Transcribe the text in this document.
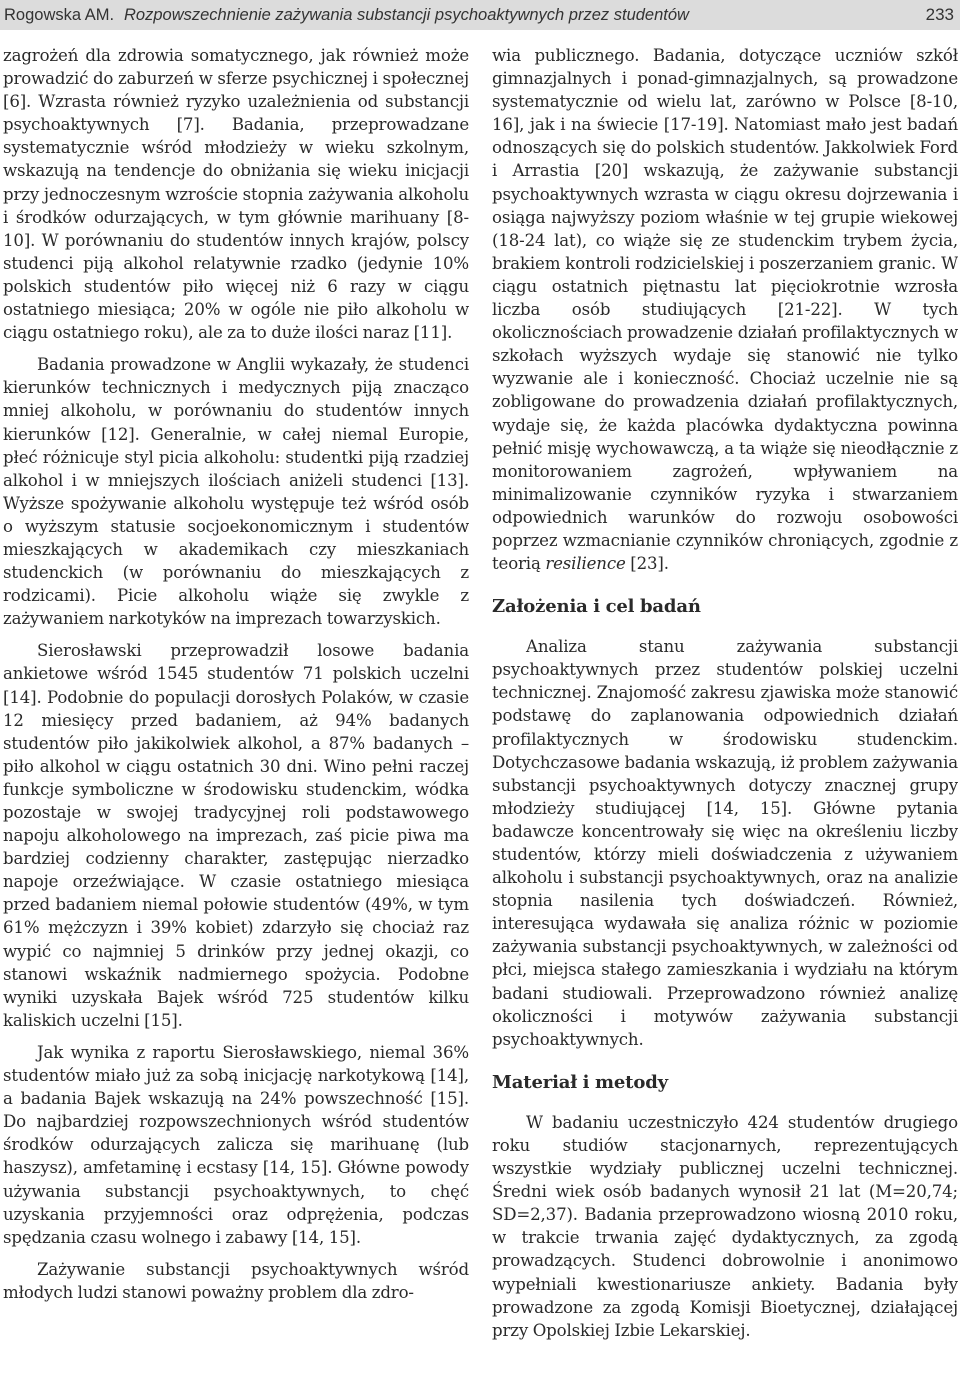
Rogowska AM. Rozpowszechnienie zażywania substancji psychoaktywnych przez studentów	233

zagrożeń dla zdrowia somatycznego, jak również może prowadzić do zaburzeń w sferze psychicznej i społecznej [6]. Wzrasta również ryzyko uzależnienia od substancji psychoaktywnych [7]. Badania, przeprowadzane systematycznie wśród młodzieży w wieku szkolnym, wskazują na tendencje do obniżania się wieku inicjacji przy jednoczesnym wzroście stopnia zażywania alkoholu i środków odurzających, w tym głównie marihuany [8-10]. W porównaniu do studentów innych krajów, polscy studenci piją alkohol relatywnie rzadko (jedynie 10% polskich studentów piło więcej niż 6 razy w ciągu ostatniego miesiąca; 20% w ogóle nie piło alkoholu w ciągu ostatniego roku), ale za to duże ilości naraz [11].

Badania prowadzone w Anglii wykazały, że studenci kierunków technicznych i medycznych piją znacząco mniej alkoholu, w porównaniu do studentów innych kierunków [12]. Generalnie, w całej niemal Europie, płeć różnicuje styl picia alkoholu: studentki piją rzadziej alkohol i w mniejszych ilościach aniżeli studenci [13]. Wyższe spożywanie alkoholu występuje też wśród osób o wyższym statusie socjoekonomicznym i studentów mieszkających w akademikach czy mieszkaniach studenckich (w porównaniu do mieszkających z rodzicami). Picie alkoholu wiąże się zwykle z zażywaniem narkotyków na imprezach towarzyskich.

Sierosławski przeprowadził losowe badania ankietowe wśród 1545 studentów 71 polskich uczelni [14]. Podobnie do populacji dorosłych Polaków, w czasie 12 miesięcy przed badaniem, aż 94% badanych studentów piło jakikolwiek alkohol, a 87% badanych – piło alkohol w ciągu ostatnich 30 dni. Wino pełni raczej funkcje symboliczne w środowisku studenckim, wódka pozostaje w swojej tradycyjnej roli podstawowego napoju alkoholowego na imprezach, zaś picie piwa ma bardziej codzienny charakter, zastępując nierzadko napoje orzeźwiające. W czasie ostatniego miesiąca przed badaniem niemal połowie studentów (49%, w tym 61% mężczyzn i 39% kobiet) zdarzyło się chociaż raz wypić co najmniej 5 drinków przy jednej okazji, co stanowi wskaźnik nadmiernego spożycia. Podobne wyniki uzyskała Bajek wśród 725 studentów kilku kaliskich uczelni [15].

Jak wynika z raportu Sierosławskiego, niemal 36% studentów miało już za sobą inicjację narkotykową [14], a badania Bajek wskazują na 24% powszechność [15]. Do najbardziej rozpowszechnionych wśród studentów środków odurzających zalicza się marihuanę (lub haszysz), amfetaminę i ecstasy [14, 15]. Główne powody używania substancji psychoaktywnych, to chęć uzyskania przyjemności oraz odprężenia, podczas spędzania czasu wolnego i zabawy [14, 15].

Zażywanie substancji psychoaktywnych wśród młodych ludzi stanowi poważny problem dla zdro-

wia publicznego. Badania, dotyczące uczniów szkół gimnazjalnych i ponad-gimnazjalnych, są prowadzone systematycznie od wielu lat, zarówno w Polsce [8-10, 16], jak i na świecie [17-19]. Natomiast mało jest badań odnoszących się do polskich studentów. Jakkolwiek Ford i Arrastia [20] wskazują, że zażywanie substancji psychoaktywnych wzrasta w ciągu okresu dojrzewania i osiąga najwyższy poziom właśnie w tej grupie wiekowej (18-24 lat), co wiąże się ze studenckim trybem życia, brakiem kontroli rodzicielskiej i poszerzaniem granic. W ciągu ostatnich piętnastu lat pięciokrotnie wzrosła liczba osób studiujących [21-22]. W tych okolicznościach prowadzenie działań profilaktycznych w szkołach wyższych wydaje się stanowić nie tylko wyzwanie ale i konieczność. Chociaż uczelnie nie są zobligowane do prowadzenia działań profilaktycznych, wydaje się, że każda placówka dydaktyczna powinna pełnić misję wychowawczą, a ta wiąże się nieodłącznie z monitorowaniem zagrożeń, wpływaniem na minimalizowanie czynników ryzyka i stwarzaniem odpowiednich warunków do rozwoju osobowości poprzez wzmacnianie czynników chroniących, zgodnie z teorią resilience [23].

Założenia i cel badań

Analiza stanu zażywania substancji psychoaktywnych przez studentów polskiej uczelni technicznej. Znajomość zakresu zjawiska może stanowić podstawę do zaplanowania odpowiednich działań profilaktycznych w środowisku studenckim. Dotychczasowe badania wskazują, iż problem zażywania substancji psychoaktywnych dotyczy znacznej grupy młodzieży studiującej [14, 15]. Główne pytania badawcze koncentrowały się więc na określeniu liczby studentów, którzy mieli doświadczenia z używaniem alkoholu i substancji psychoaktywnych, oraz na analizie stopnia nasilenia tych doświadczeń. Również, interesująca wydawała się analiza różnic w poziomie zażywania substancji psychoaktywnych, w zależności od płci, miejsca stałego zamieszkania i wydziału na którym badani studiowali. Przeprowadzono również analizę okoliczności i motywów zażywania substancji psychoaktywnych.

Materiał i metody

W badaniu uczestniczyło 424 studentów drugiego roku studiów stacjonarnych, reprezentujących wszystkie wydziały publicznej uczelni technicznej. Średni wiek osób badanych wynosił 21 lat (M=20,74; SD=2,37). Badania przeprowadzono wiosną 2010 roku, w trakcie trwania zajęć dydaktycznych, za zgodą prowadzących. Studenci dobrowolnie i anonimowo wypełniali kwestionariusze ankiety. Badania były prowadzone za zgodą Komisji Bioetycznej, działającej przy Opolskiej Izbie Lekarskiej.
